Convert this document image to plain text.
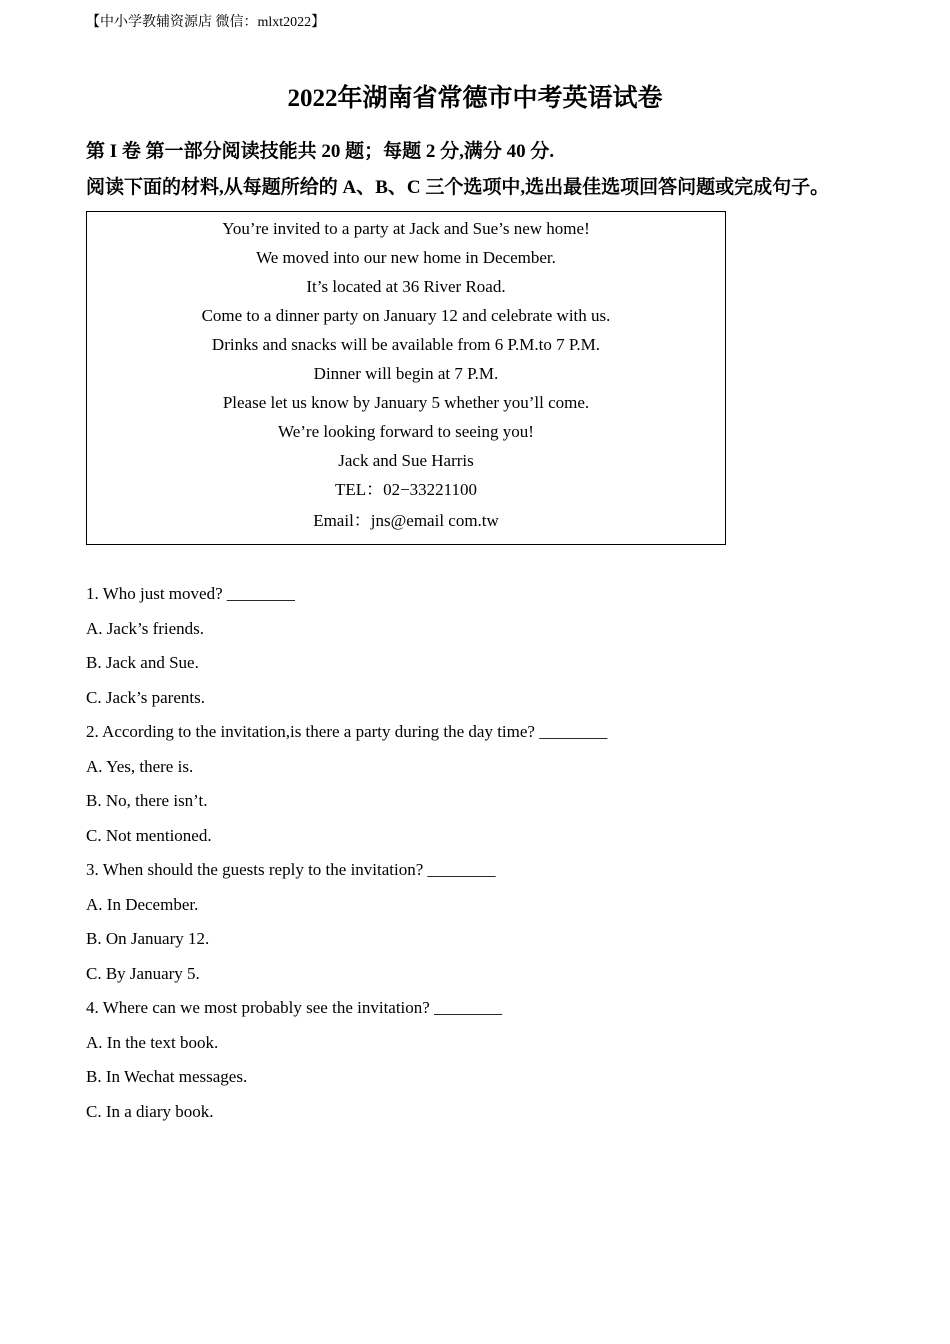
【中小学教辅资源店 微信：mlxt2022】
2022年湖南省常德市中考英语试卷
第 I 卷 第一部分阅读技能共 20 题；每题 2 分,满分 40 分.
阅读下面的材料,从每题所给的 A、B、C 三个选项中,选出最佳选项回答问题或完成句子。
You’re invited to a party at Jack and Sue’s new home!
We moved into our new home in December.
It’s located at 36 River Road.
Come to a dinner party on January 12 and celebrate with us.
Drinks and snacks will be available from 6 P.M.to 7 P.M.
Dinner will begin at 7 P.M.
Please let us know by January 5 whether you’ll come.
We’re looking forward to seeing you!
Jack and Sue Harris
TEL：02−33221100
Email：jns@email com.tw
1. Who just moved? ________
A. Jack’s friends.
B. Jack and Sue.
C. Jack’s parents.
2. According to the invitation,is there a party during the day time? ________
A. Yes, there is.
B. No, there isn’t.
C. Not mentioned.
3. When should the guests reply to the invitation? ________
A. In December.
B. On January 12.
C. By January 5.
4. Where can we most probably see the invitation? ________
A. In the text book.
B. In Wechat messages.
C. In a diary book.
